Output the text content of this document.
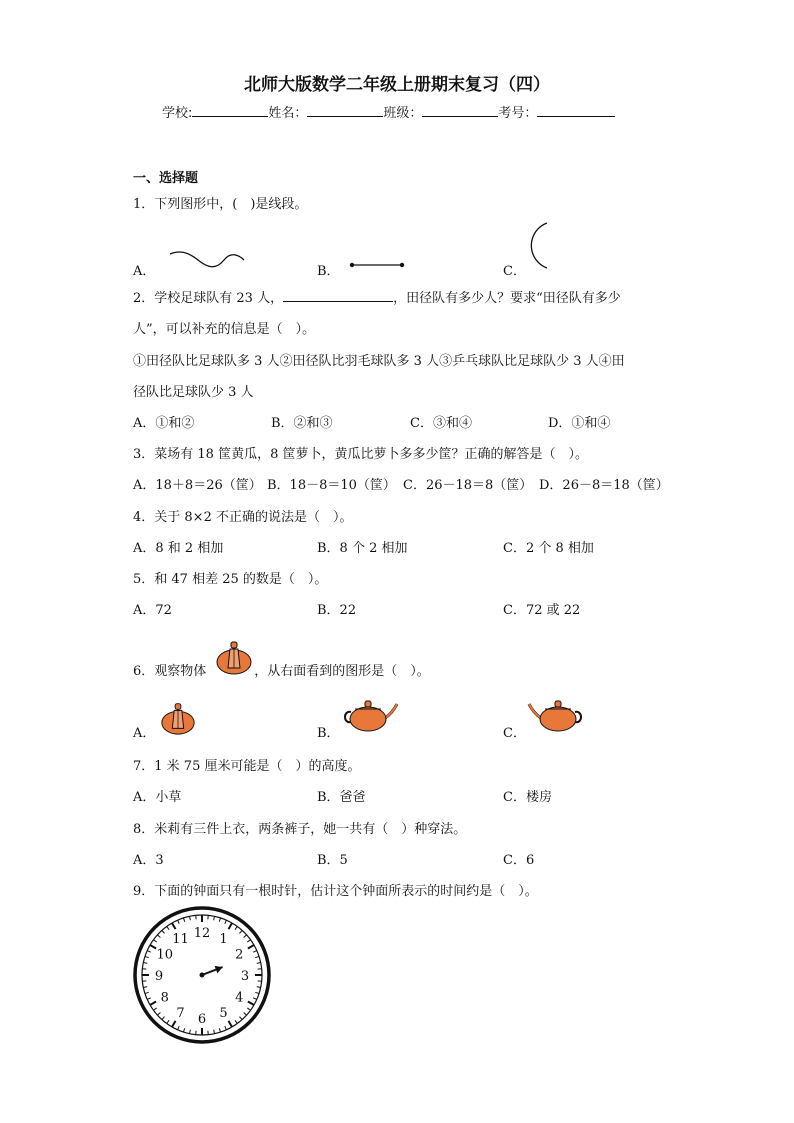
北师大版数学二年级上册期末复习（四）
学校:	姓名：	班级：	考号：
一、选择题
1．下列图形中，(　)是线段。
A．	B．	C．
2．学校足球队有 23 人，	，田径队有多少人？要求“田径队有多少
人”，可以补充的信息是（　）。
①田径队比足球队多 3 人②田径队比羽毛球队多 3 人③乒乓球队比足球队少 3 人④田
径队比足球队少 3 人
A．①和②	B．②和③	C．③和④	D．①和④
3．菜场有 18 筐黄瓜，8 筐萝卜，黄瓜比萝卜多多少筐？正确的解答是（　）。
A．18＋8＝26（筐） B．18－8＝10（筐） C．26－18＝8（筐） D．26－8＝18（筐）
4．关于 8×2 不正确的说法是（　）。
A．8 和 2 相加	B．8 个 2 相加	C．2 个 8 相加
5．和 47 相差 25 的数是（　）。
A．72	B．22	C．72 或 22
6．观察物体	，从右面看到的图形是（　）。
A．	B．	C．
7．1 米 75 厘米可能是（　）的高度。
A．小草	B．爸爸	C．楼房
8．米莉有三件上衣，两条裤子，她一共有（　）种穿法。
A．3	B．5	C．6
9．下面的钟面只有一根时针，估计这个钟面所表示的时间约是（　）。
12 1
2
3
4
5
6
7
8
9
10
11
